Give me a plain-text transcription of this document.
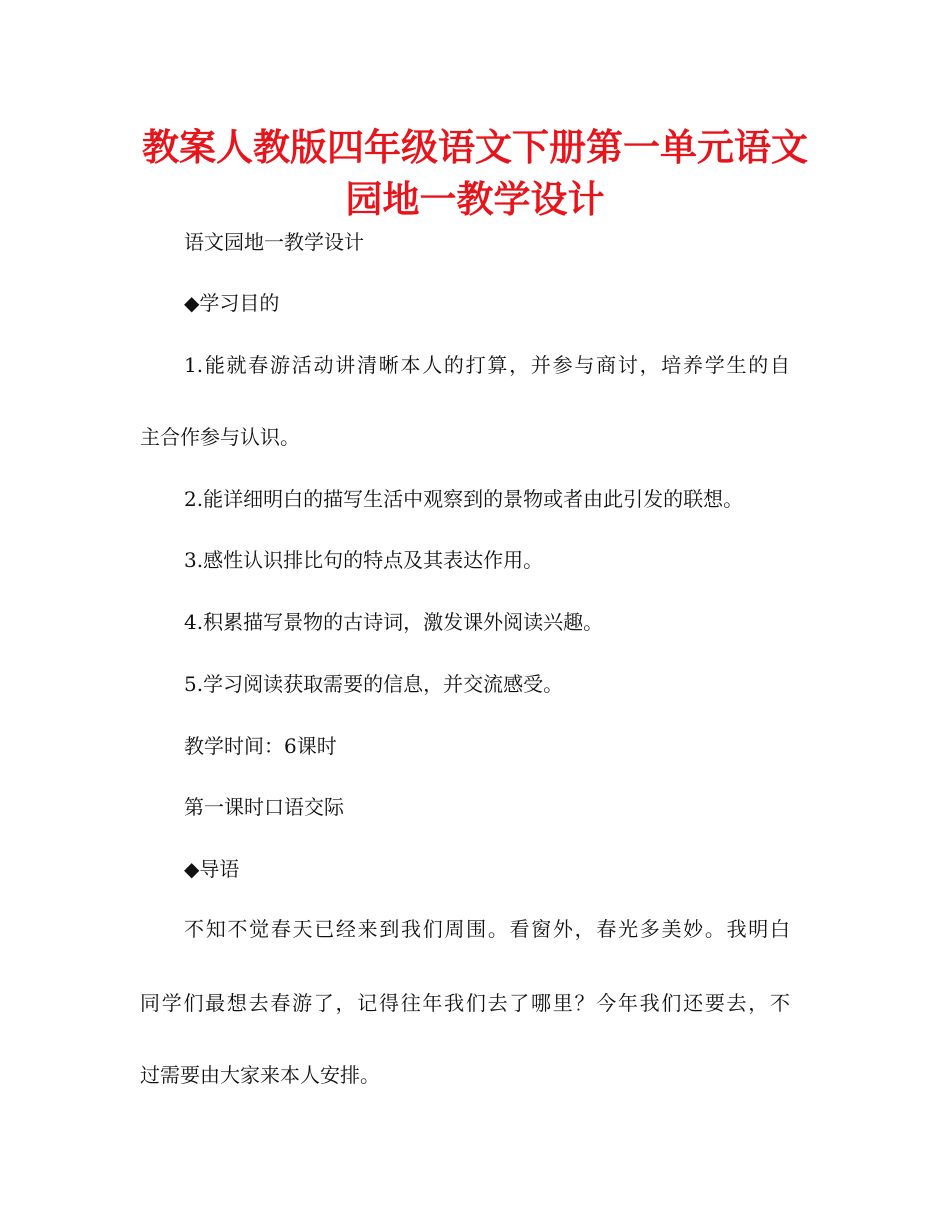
教案人教版四年级语文下册第一单元语文
园地一教学设计
语文园地一教学设计
◆学习目的
1.能就春游活动讲清晰本人的打算，并参与商讨，培养学生的自
主合作参与认识。
2.能详细明白的描写生活中观察到的景物或者由此引发的联想。
3.感性认识排比句的特点及其表达作用。
4.积累描写景物的古诗词，激发课外阅读兴趣。
5.学习阅读获取需要的信息，并交流感受。
教学时间：6课时
第一课时口语交际
◆导语
不知不觉春天已经来到我们周围。看窗外，春光多美妙。我明白
同学们最想去春游了，记得往年我们去了哪里？今年我们还要去，不
过需要由大家来本人安排。
